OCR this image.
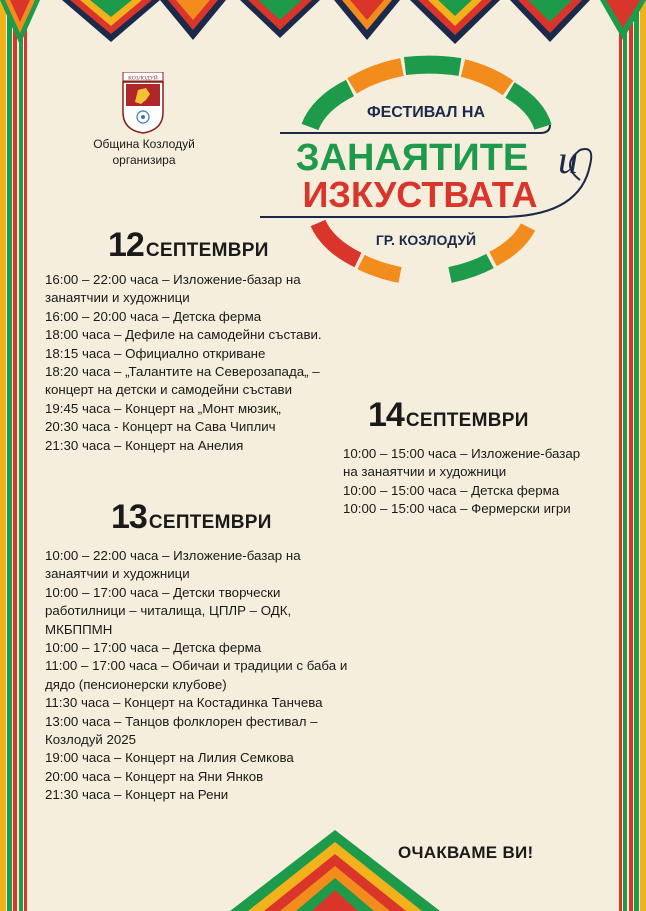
КОЗЛОДУЙ
Община Козлодуй
организира
ФЕСТИВАЛ НА
ЗАНАЯТИТЕ и
ИЗКУСТВАТА
ГР. КОЗЛОДУЙ
12 СЕПТЕМВРИ
16:00 – 22:00 часа – Изложение-базар на
занаятчии и художници
16:00 – 20:00 часа – Детска ферма
18:00 часа – Дефиле на самодейни състави.
18:15 часа – Официално откриване
18:20 часа – „Талантите на Северозапада„ –
концерт на детски и самодейни състави
19:45 часа – Концерт на „Монт мюзик„
20:30 часа - Концерт на Сава Чиплич
21:30 часа – Концерт на Анелия
14 СЕПТЕМВРИ
10:00 – 15:00 часа – Изложение-базар
на занаятчии и художници
10:00 – 15:00 часа – Детска ферма
10:00 – 15:00 часа – Фермерски игри
13 СЕПТЕМВРИ
10:00 – 22:00 часа – Изложение-базар на
занаятчии и художници
10:00 – 17:00 часа – Детски творчески
работилници – читалища, ЦПЛР – ОДК,
МКБППМН
10:00 – 17:00 часа – Детска ферма
11:00 – 17:00 часа – Обичаи и традиции с баба и
дядо (пенсионерски клубове)
11:30 часа – Концерт на Костадинка Танчева
13:00 часа – Танцов фолклорен фестивал –
Козлодуй 2025
19:00 часа – Концерт на Лилия Семкова
20:00 часа – Концерт на Яни Янков
21:30 часа – Концерт на Рени
ОЧАКВАМЕ ВИ!
